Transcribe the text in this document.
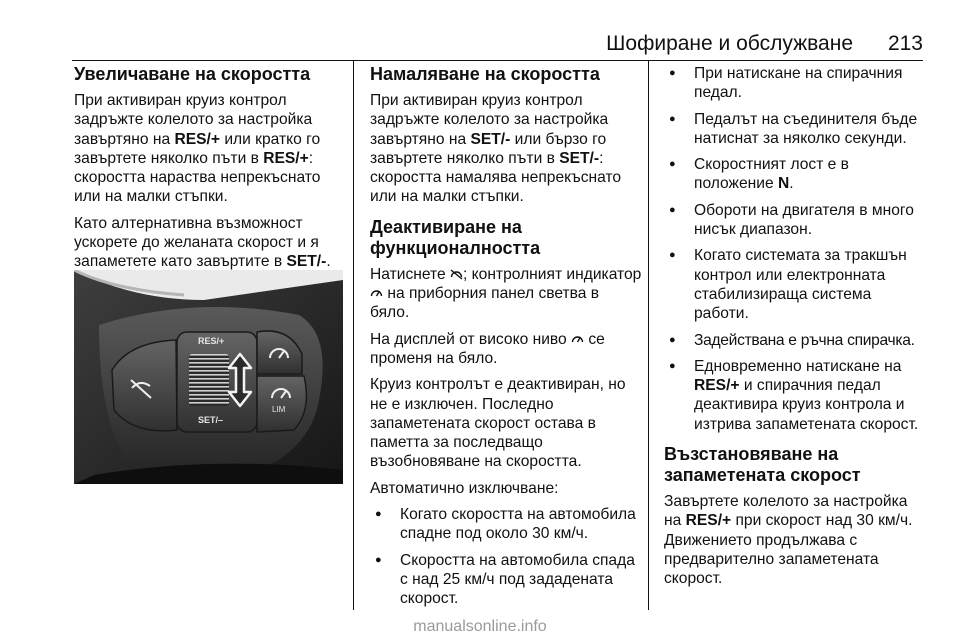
Шофиране и обслужване 213
Увеличаване на скоростта

При активиран круиз контрол задръжте колелото за настройка завъртяно на RES/+ или кратко го завъртете няколко пъти в RES/+: скоростта нараства непрекъснато или на малки стъпки.

Като алтернативна възможност ускорете до желаната скорост и я запаметете като завъртите в SET/-.

RES/+
SET/–
LIM
Намаляване на скоростта

При активиран круиз контрол задръжте колелото за настройка завъртяно на SET/- или бързо го завъртете няколко пъти в SET/-: скоростта намалява непрекъснато или на малки стъпки.

Деактивиране на функционалността

Натиснете ; контролният индикатор  на приборния панел светва в бяло.

На дисплей от високо ниво  се променя на бяло.

Круиз контролът е деактивиран, но не е изключен. Последно запаметената скорост остава в паметта за последващо възобновяване на скоростта.

Автоматично изключване:

● Когато скоростта на автомобила спадне под около 30 км/ч.
● Скоростта на автомобила спада с над 25 км/ч под зададената скорост.
● При натискане на спирачния педал.
● Педалът на съединителя бъде натиснат за няколко секунди.
● Скоростният лост е в положение N.
● Обороти на двигателя в много нисък диапазон.
● Когато системата за тракшън контрол или електронната стабилизираща система работи.
● Задействана е ръчна спирачка.
● Едновременно натискане на RES/+ и спирачния педал деактивира круиз контрола и изтрива запаметената скорост.
Възстановяване на запаметената скорост

Завъртете колелото за настройка на RES/+ при скорост над 30 км/ч. Движението продължава с предварително запаметената скорост.

manualsonline.info
